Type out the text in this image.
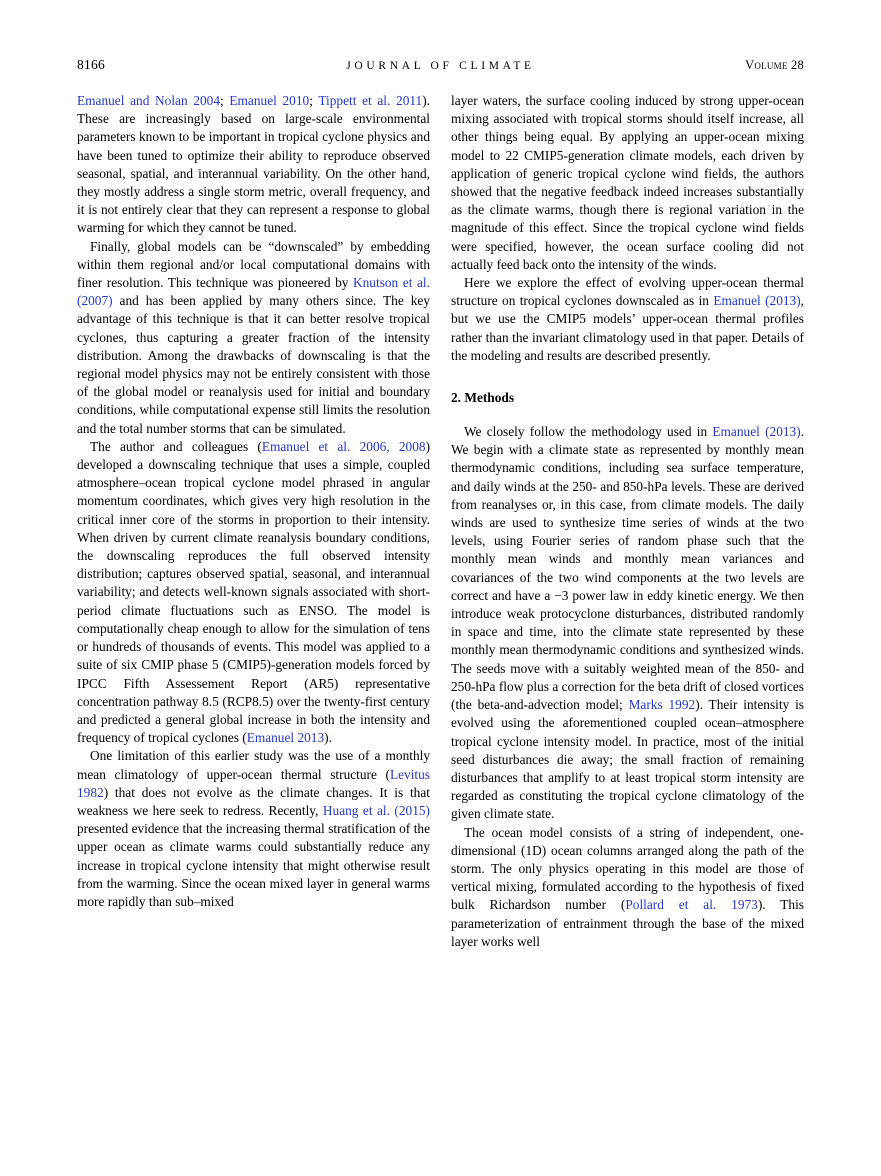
8166	JOURNAL OF CLIMATE	Volume 28

Emanuel and Nolan 2004; Emanuel 2010; Tippett et al. 2011). These are increasingly based on large-scale environmental parameters known to be important in tropical cyclone physics and have been tuned to optimize their ability to reproduce observed seasonal, spatial, and interannual variability. On the other hand, they mostly address a single storm metric, overall frequency, and it is not entirely clear that they can represent a response to global warming for which they cannot be tuned.

Finally, global models can be “downscaled” by embedding within them regional and/or local computational domains with finer resolution. This technique was pioneered by Knutson et al. (2007) and has been applied by many others since. The key advantage of this technique is that it can better resolve tropical cyclones, thus capturing a greater fraction of the intensity distribution. Among the drawbacks of downscaling is that the regional model physics may not be entirely consistent with those of the global model or reanalysis used for initial and boundary conditions, while computational expense still limits the resolution and the total number storms that can be simulated.

The author and colleagues (Emanuel et al. 2006, 2008) developed a downscaling technique that uses a simple, coupled atmosphere–ocean tropical cyclone model phrased in angular momentum coordinates, which gives very high resolution in the critical inner core of the storms in proportion to their intensity. When driven by current climate reanalysis boundary conditions, the downscaling reproduces the full observed intensity distribution; captures observed spatial, seasonal, and interannual variability; and detects well-known signals associated with short-period climate fluctuations such as ENSO. The model is computationally cheap enough to allow for the simulation of tens or hundreds of thousands of events. This model was applied to a suite of six CMIP phase 5 (CMIP5)-generation models forced by IPCC Fifth Assessement Report (AR5) representative concentration pathway 8.5 (RCP8.5) over the twenty-first century and predicted a general global increase in both the intensity and frequency of tropical cyclones (Emanuel 2013).

One limitation of this earlier study was the use of a monthly mean climatology of upper-ocean thermal structure (Levitus 1982) that does not evolve as the climate changes. It is that weakness we here seek to redress. Recently, Huang et al. (2015) presented evidence that the increasing thermal stratification of the upper ocean as climate warms could substantially reduce any increase in tropical cyclone intensity that might otherwise result from the warming. Since the ocean mixed layer in general warms more rapidly than sub–mixed

layer waters, the surface cooling induced by strong upper-ocean mixing associated with tropical storms should itself increase, all other things being equal. By applying an upper-ocean mixing model to 22 CMIP5-generation climate models, each driven by application of generic tropical cyclone wind fields, the authors showed that the negative feedback indeed increases substantially as the climate warms, though there is regional variation in the magnitude of this effect. Since the tropical cyclone wind fields were specified, however, the ocean surface cooling did not actually feed back onto the intensity of the winds.

Here we explore the effect of evolving upper-ocean thermal structure on tropical cyclones downscaled as in Emanuel (2013), but we use the CMIP5 models’ upper-ocean thermal profiles rather than the invariant climatology used in that paper. Details of the modeling and results are described presently.

2. Methods

We closely follow the methodology used in Emanuel (2013). We begin with a climate state as represented by monthly mean thermodynamic conditions, including sea surface temperature, and daily winds at the 250- and 850-hPa levels. These are derived from reanalyses or, in this case, from climate models. The daily winds are used to synthesize time series of winds at the two levels, using Fourier series of random phase such that the monthly mean winds and monthly mean variances and covariances of the two wind components at the two levels are correct and have a −3 power law in eddy kinetic energy. We then introduce weak protocyclone disturbances, distributed randomly in space and time, into the climate state represented by these monthly mean thermodynamic conditions and synthesized winds. The seeds move with a suitably weighted mean of the 850- and 250-hPa flow plus a correction for the beta drift of closed vortices (the beta-and-advection model; Marks 1992). Their intensity is evolved using the aforementioned coupled ocean–atmosphere tropical cyclone intensity model. In practice, most of the initial seed disturbances die away; the small fraction of remaining disturbances that amplify to at least tropical storm intensity are regarded as constituting the tropical cyclone climatology of the given climate state.

The ocean model consists of a string of independent, one-dimensional (1D) ocean columns arranged along the path of the storm. The only physics operating in this model are those of vertical mixing, formulated according to the hypothesis of fixed bulk Richardson number (Pollard et al. 1973). This parameterization of entrainment through the base of the mixed layer works well
